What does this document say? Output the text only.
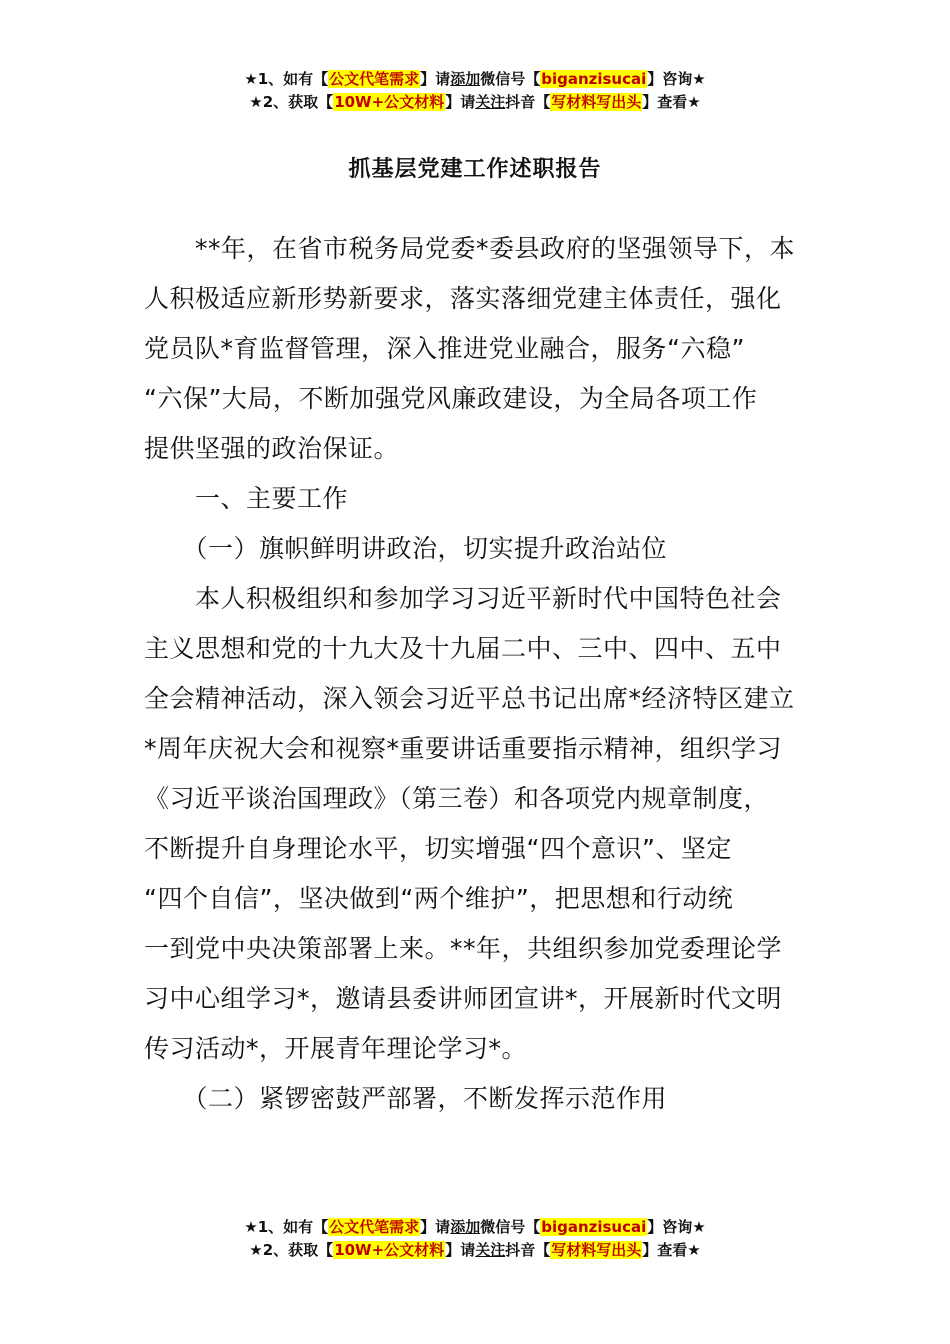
★1、如有【公文代笔需求】请添加微信号【biganzisucai】咨询★
★2、获取【10W+公文材料】请关注抖音【写材料写出头】查看★
抓基层党建工作述职报告
　　**年，在省市税务局党委*委县政府的坚强领导下，本
人积极适应新形势新要求，落实落细党建主体责任，强化
党员队*育监督管理，深入推进党业融合，服务“六稳”
“六保”大局，不断加强党风廉政建设，为全局各项工作
提供坚强的政治保证。
　　一、主要工作
　　（一）旗帜鲜明讲政治，切实提升政治站位
　　本人积极组织和参加学习习近平新时代中国特色社会
主义思想和党的十九大及十九届二中、三中、四中、五中
全会精神活动，深入领会习近平总书记出席*经济特区建立
*周年庆祝大会和视察*重要讲话重要指示精神，组织学习
《习近平谈治国理政》（第三卷）和各项党内规章制度，
不断提升自身理论水平，切实增强“四个意识”、坚定
“四个自信”，坚决做到“两个维护”，把思想和行动统
一到党中央决策部署上来。**年，共组织参加党委理论学
习中心组学习*，邀请县委讲师团宣讲*，开展新时代文明
传习活动*，开展青年理论学习*。
　　（二）紧锣密鼓严部署，不断发挥示范作用
★1、如有【公文代笔需求】请添加微信号【biganzisucai】咨询★
★2、获取【10W+公文材料】请关注抖音【写材料写出头】查看★
